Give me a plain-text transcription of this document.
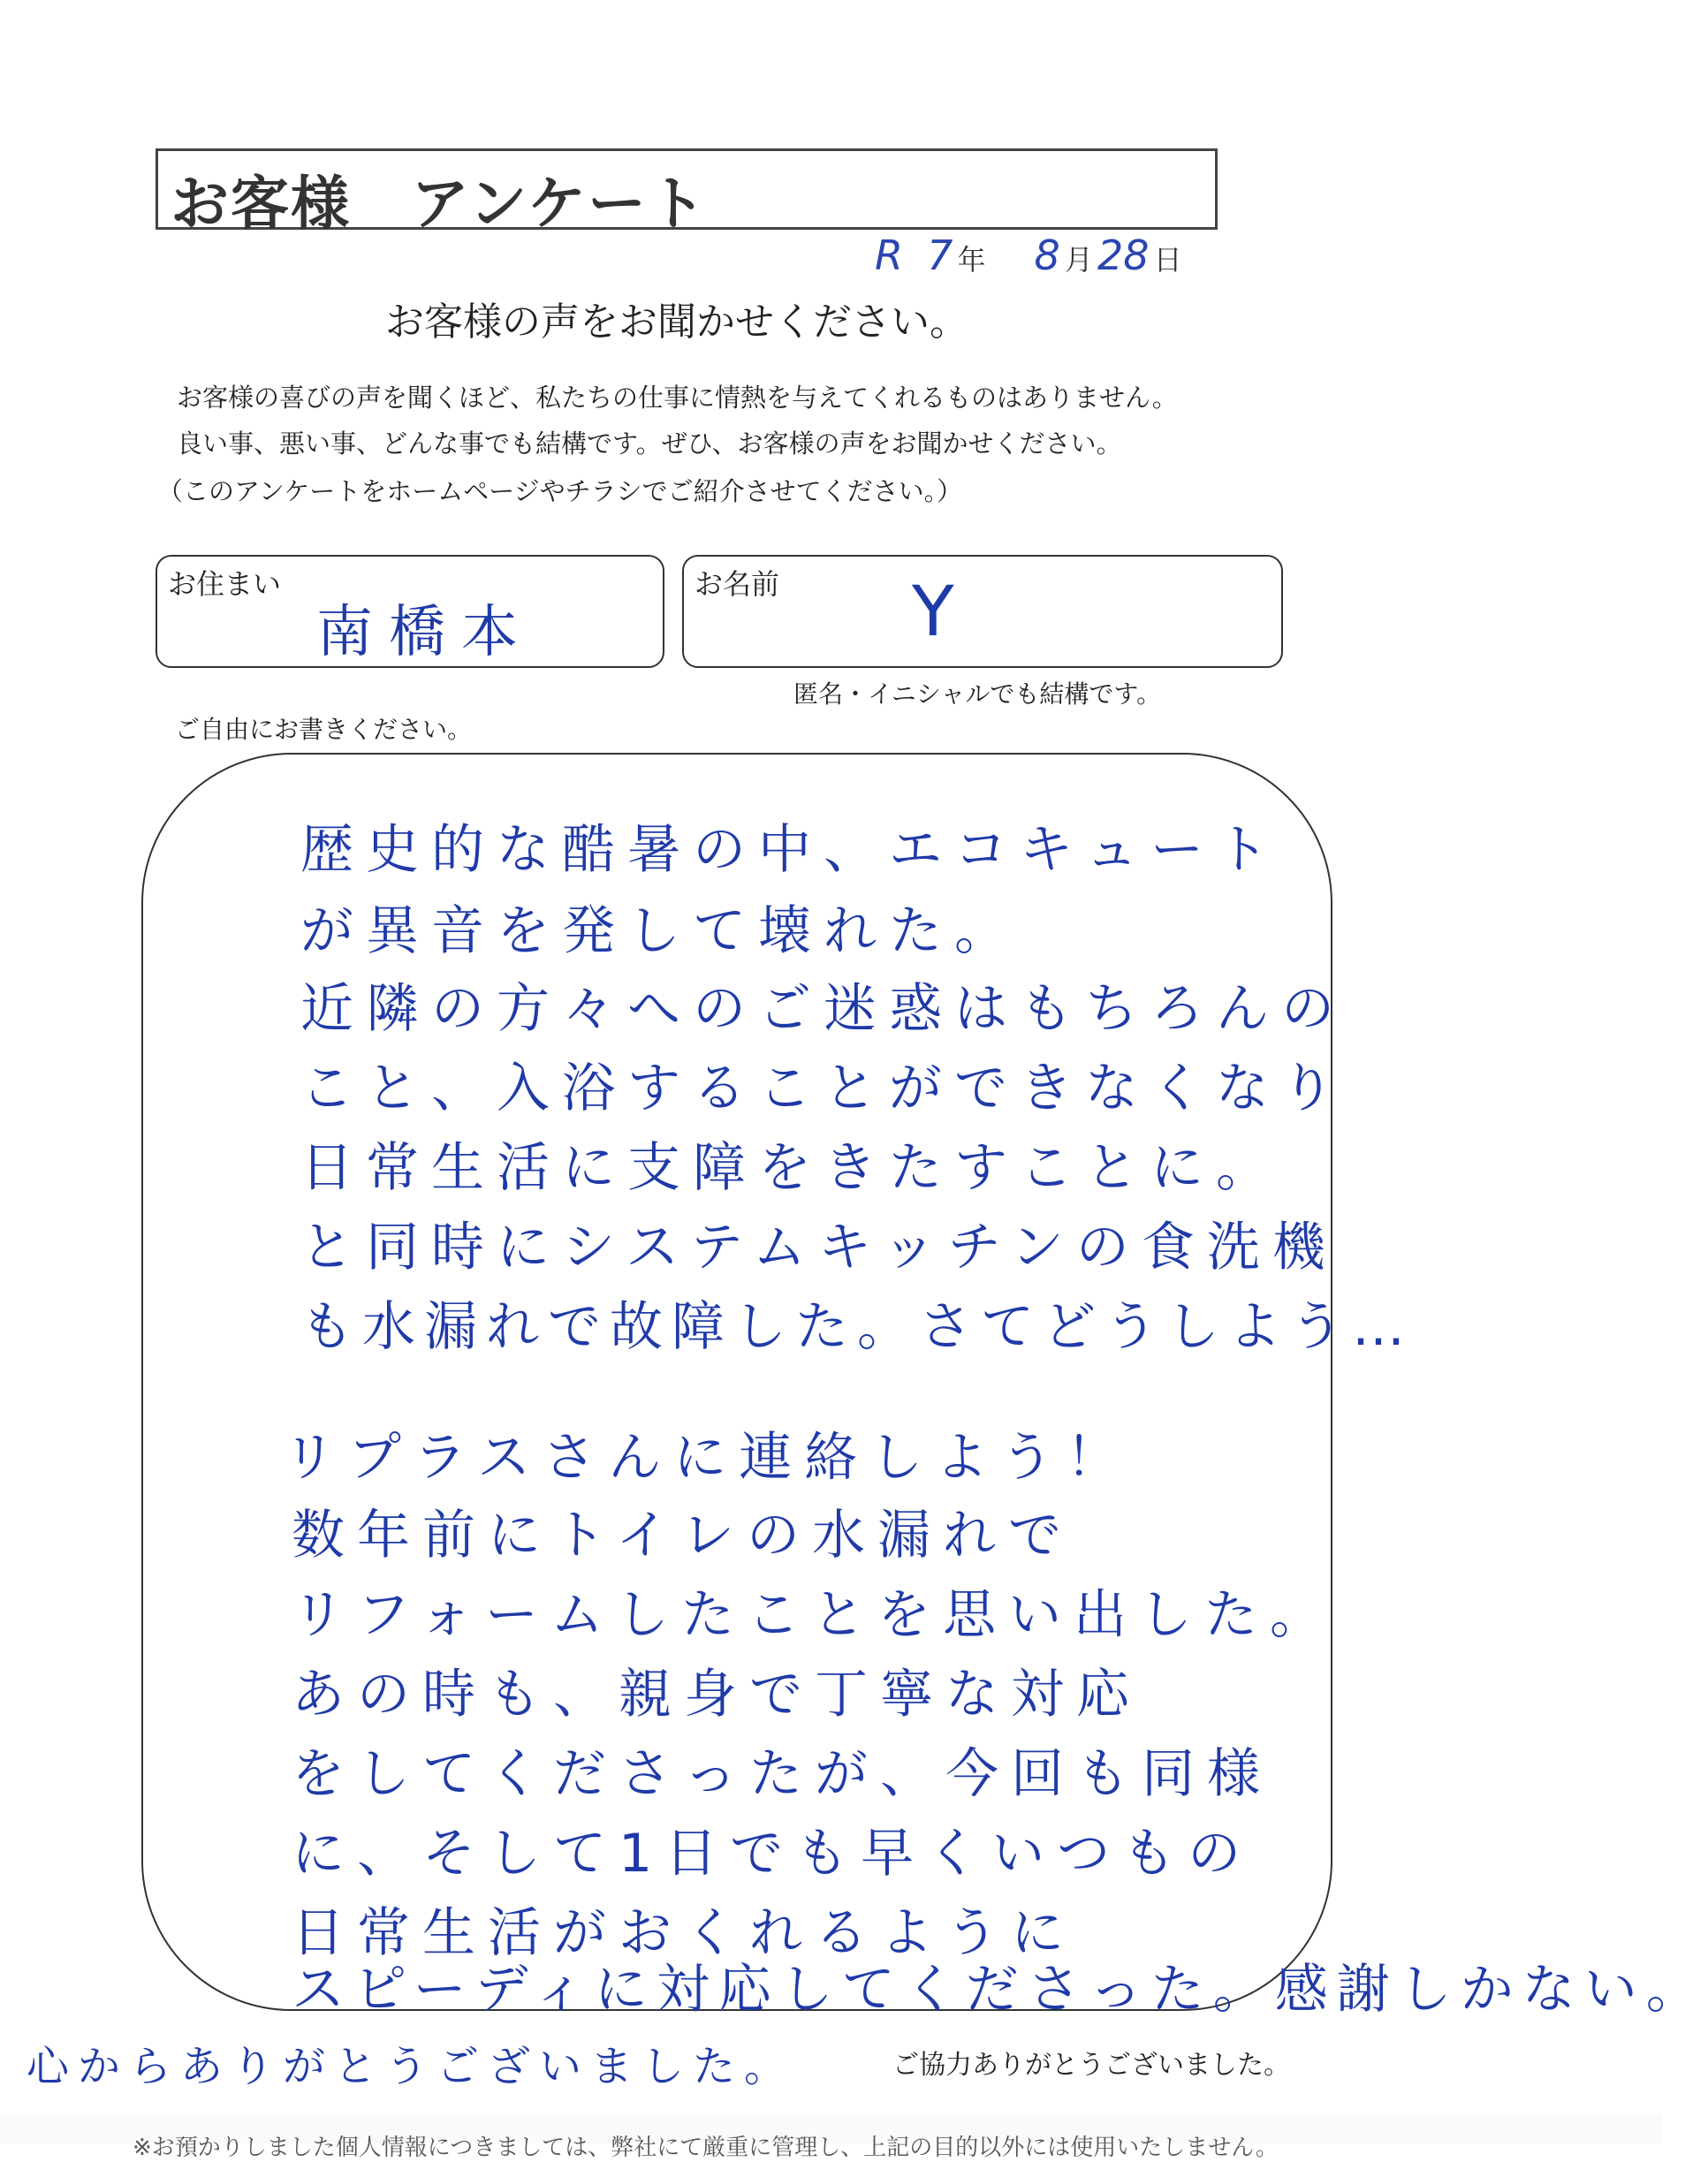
お客様　アンケート
R 7 年 8 月 28 日
お客様の声をお聞かせください。
お客様の喜びの声を聞くほど、私たちの仕事に情熱を与えてくれるものはありません。
良い事、悪い事、どんな事でも結構です。ぜひ、お客様の声をお聞かせください。
（このアンケートをホームページやチラシでご紹介させてください。）
お住まい
南橋本
お名前 Y
匿名・イニシャルでも結構です。
ご自由にお書きください。
歴史的な酷暑の中、エコキュート
が異音を発して壊れた。
近隣の方々へのご迷惑はもちろんの
こと、入浴することができなくなり
日常生活に支障をきたすことに。
と同時にシステムキッチンの食洗機
も水漏れで故障した。さてどうしよう…
リプラスさんに連絡しよう！
数年前にトイレの水漏れで
リフォームしたことを思い出した。
あの時も、親身で丁寧な対応
をしてくださったが、今回も同様
に、そして1日でも早くいつもの
日常生活がおくれるように
スピーディに対応してくださった。感謝しかない。
心からありがとうございました。	ご協力ありがとうございました。
※お預かりしました個人情報につきましては、弊社にて厳重に管理し、上記の目的以外には使用いたしません。
